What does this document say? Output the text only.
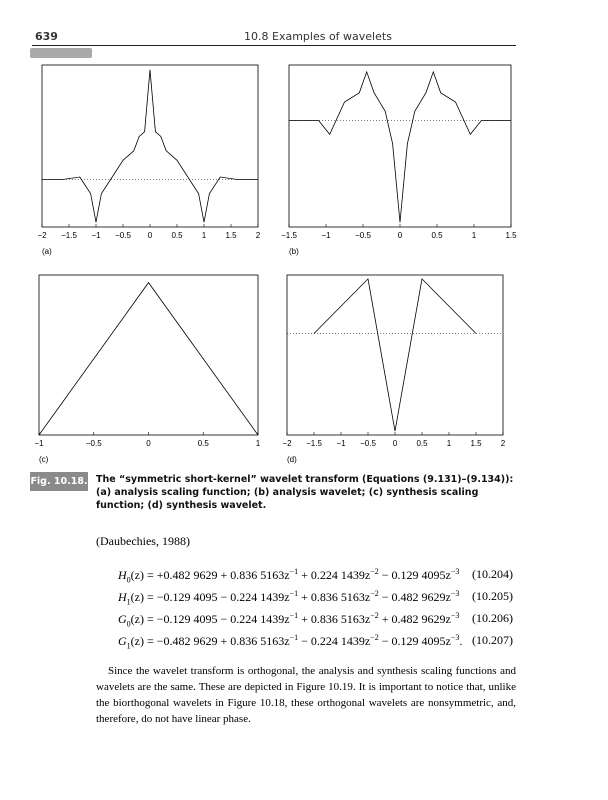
639	10.8 Examples of wavelets
−2 −1.5 −1 −0.5 0 0.5 1 1.5 2
(a)
−1.5	−1	−0.5	0	0.5	1	1.5
(b)
−1	−0.5	0	0.5	1
(c)
−2 −1.5 −1 −0.5 0 0.5 1 1.5 2
(d)
Fig. 10.18. The “symmetric short-kernel” wavelet transform (Equations (9.131)–(9.134)): (a) analysis scaling function; (b) analysis wavelet; (c) synthesis scaling function; (d) synthesis wavelet.
(Daubechies, 1988)
$H_0(z) = +0.482$ 9629 + 0.836 $5163z^{-1} + 0.224$ $1439z^{-2} - 0.129$ $4095z^{-3}$ (10.204)
$H_1(z) = -0.129$ 4095 − 0.224 $1439z^{-1} + 0.836$ $5163z^{-2} - 0.482$ $9629z^{-3}$ (10.205)
$G_0(z) = -0.129$ 4095 − 0.224 $1439z^{-1} + 0.836$ $5163z^{-2} + 0.482$ $9629z^{-3}$ (10.206)
$G_1(z) = -0.482$ 9629 + 0.836 $5163z^{-1} - 0.224$ $1439z^{-2} - 0.129$ $4095z^{-3}$. (10.207)
Since the wavelet transform is orthogonal, the analysis and synthesis scaling functions and wavelets are the same. These are depicted in Figure 10.19. It is important to notice that, unlike the biorthogonal wavelets in Figure 10.18, these orthogonal wavelets are nonsymmetric, and, therefore, do not have linear phase.
